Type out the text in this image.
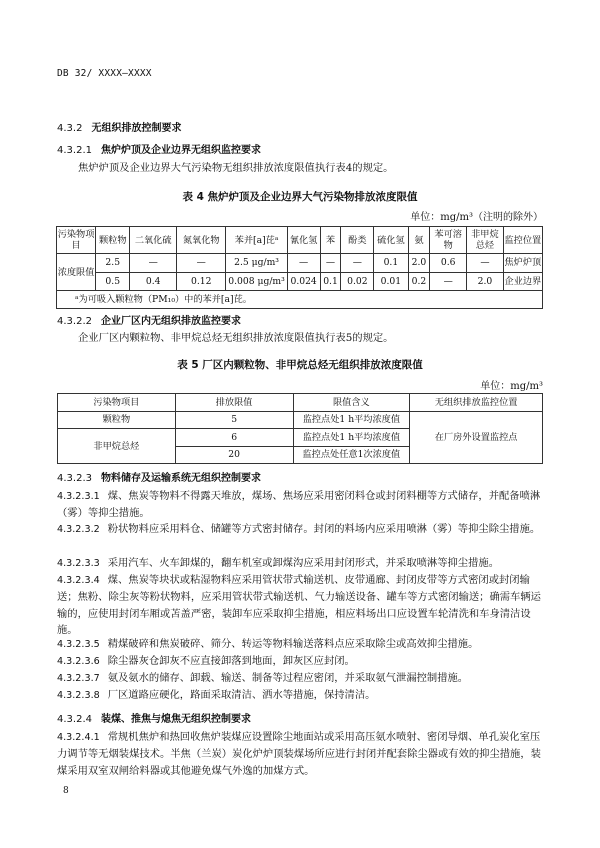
DB 32/ XXXX—XXXX
4.3.2 无组织排放控制要求
4.3.2.1 焦炉炉顶及企业边界无组织监控要求
焦炉炉顶及企业边界大气污染物无组织排放浓度限值执行表4的规定。
表 4 焦炉炉顶及企业边界大气污染物排放浓度限值
单位：mg/m³（注明的除外）
污染物项目	颗粒物	二氧化硫	氮氧化物	苯并[a]芘ᵃ	氰化氢	苯	酚类	硫化氢	氨	苯可溶物	非甲烷总烃	监控位置
浓度限值	2.5	—	—	2.5 μg/m³	—	—	—	0.1	2.0	0.6	—	焦炉炉顶
	0.5	0.4	0.12	0.008 μg/m³	0.024	0.1	0.02	0.01	0.2	—	2.0	企业边界
ᵃ为可吸入颗粒物（PM₁₀）中的苯并[a]芘。												
4.3.2.2 企业厂区内无组织排放监控要求
企业厂区内颗粒物、非甲烷总烃无组织排放浓度限值执行表5的规定。
表 5 厂区内颗粒物、非甲烷总烃无组织排放浓度限值
单位：mg/m³
污染物项目	排放限值	限值含义	无组织排放监控位置
颗粒物	5	监控点处1 h平均浓度值	在厂房外设置监控点
非甲烷总烃	6	监控点处1 h平均浓度值	
	20	监控点处任意1次浓度值	
4.3.2.3 物料储存及运输系统无组织控制要求
4.3.2.3.1 煤、焦炭等物料不得露天堆放，煤场、焦场应采用密闭料仓或封闭料棚等方式储存，并配备喷淋（雾）等抑尘措施。
4.3.2.3.2 粉状物料应采用料仓、储罐等方式密封储存。封闭的料场内应采用喷淋（雾）等抑尘除尘措施。
4.3.2.3.3 采用汽车、火车卸煤的，翻车机室或卸煤沟应采用封闭形式，并采取喷淋等抑尘措施。
4.3.2.3.4 煤、焦炭等块状或粘湿物料应采用管状带式输送机、皮带通廊、封闭皮带等方式密闭或封闭输送；焦粉、除尘灰等粉状物料，应采用管状带式输送机、气力输送设备、罐车等方式密闭输送；确需车辆运输的，应使用封闭车厢或苫盖严密，装卸车应采取抑尘措施，相应料场出口应设置车轮清洗和车身清洁设施。
4.3.2.3.5 精煤破碎和焦炭破碎、筛分、转运等物料输送落料点应采取除尘或高效抑尘措施。
4.3.2.3.6 除尘器灰仓卸灰不应直接卸落到地面，卸灰区应封闭。
4.3.2.3.7 氨及氨水的储存、卸载、输送、制备等过程应密闭，并采取氨气泄漏控制措施。
4.3.2.3.8 厂区道路应硬化，路面采取清洁、洒水等措施，保持清洁。
4.3.2.4 装煤、推焦与熄焦无组织控制要求
4.3.2.4.1 常规机焦炉和热回收焦炉装煤应设置除尘地面站或采用高压氨水喷射、密闭导烟、单孔炭化室压力调节等无烟装煤技术。半焦（兰炭）炭化炉炉顶装煤场所应进行封闭并配套除尘器或有效的抑尘措施，装煤采用双室双闸给料器或其他避免煤气外逸的加煤方式。
8
